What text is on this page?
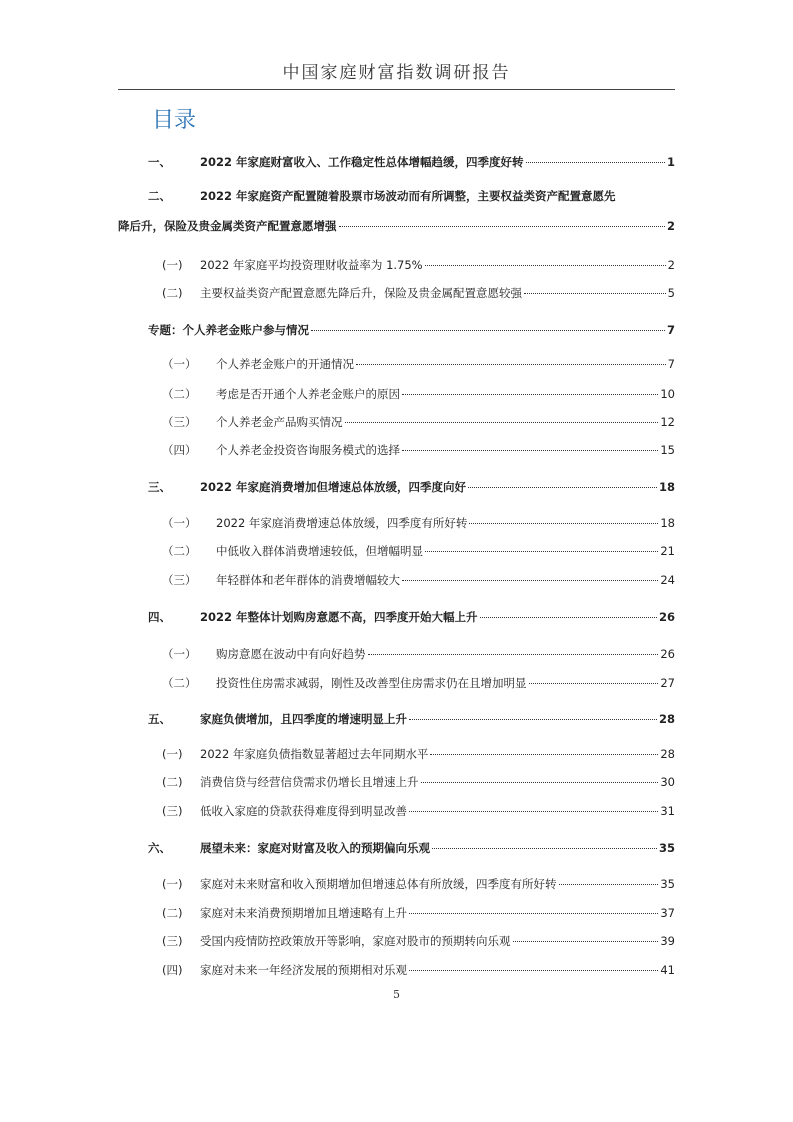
中国家庭财富指数调研报告
目录
一、	2022 年家庭财富收入、工作稳定性总体增幅趋缓，四季度好转	1
二、	2022 年家庭资产配置随着股票市场波动而有所调整，主要权益类资产配置意愿先
降后升，保险及贵金属类资产配置意愿增强	2
(一)	2022 年家庭平均投资理财收益率为 1.75%	2
(二)	主要权益类资产配置意愿先降后升，保险及贵金属配置意愿较强	5
专题：个人养老金账户参与情况	7
（一）	个人养老金账户的开通情况	7
（二）	考虑是否开通个人养老金账户的原因	10
（三）	个人养老金产品购买情况	12
（四）	个人养老金投资咨询服务模式的选择	15
三、	2022 年家庭消费增加但增速总体放缓，四季度向好	18
（一）	2022 年家庭消费增速总体放缓，四季度有所好转	18
（二）	中低收入群体消费增速较低，但增幅明显	21
（三）	年轻群体和老年群体的消费增幅较大	24
四、	2022 年整体计划购房意愿不高，四季度开始大幅上升	26
（一）	购房意愿在波动中有向好趋势	26
（二）	投资性住房需求减弱，刚性及改善型住房需求仍在且增加明显	27
五、	家庭负债增加，且四季度的增速明显上升	28
(一)	2022 年家庭负债指数显著超过去年同期水平	28
(二)	消费信贷与经营信贷需求仍增长且增速上升	30
(三)	低收入家庭的贷款获得难度得到明显改善	31
六、	展望未来：家庭对财富及收入的预期偏向乐观	35
(一)	家庭对未来财富和收入预期增加但增速总体有所放缓，四季度有所好转	35
(二)	家庭对未来消费预期增加且增速略有上升	37
(三)	受国内疫情防控政策放开等影响，家庭对股市的预期转向乐观	39
(四)	家庭对未来一年经济发展的预期相对乐观	41
5
